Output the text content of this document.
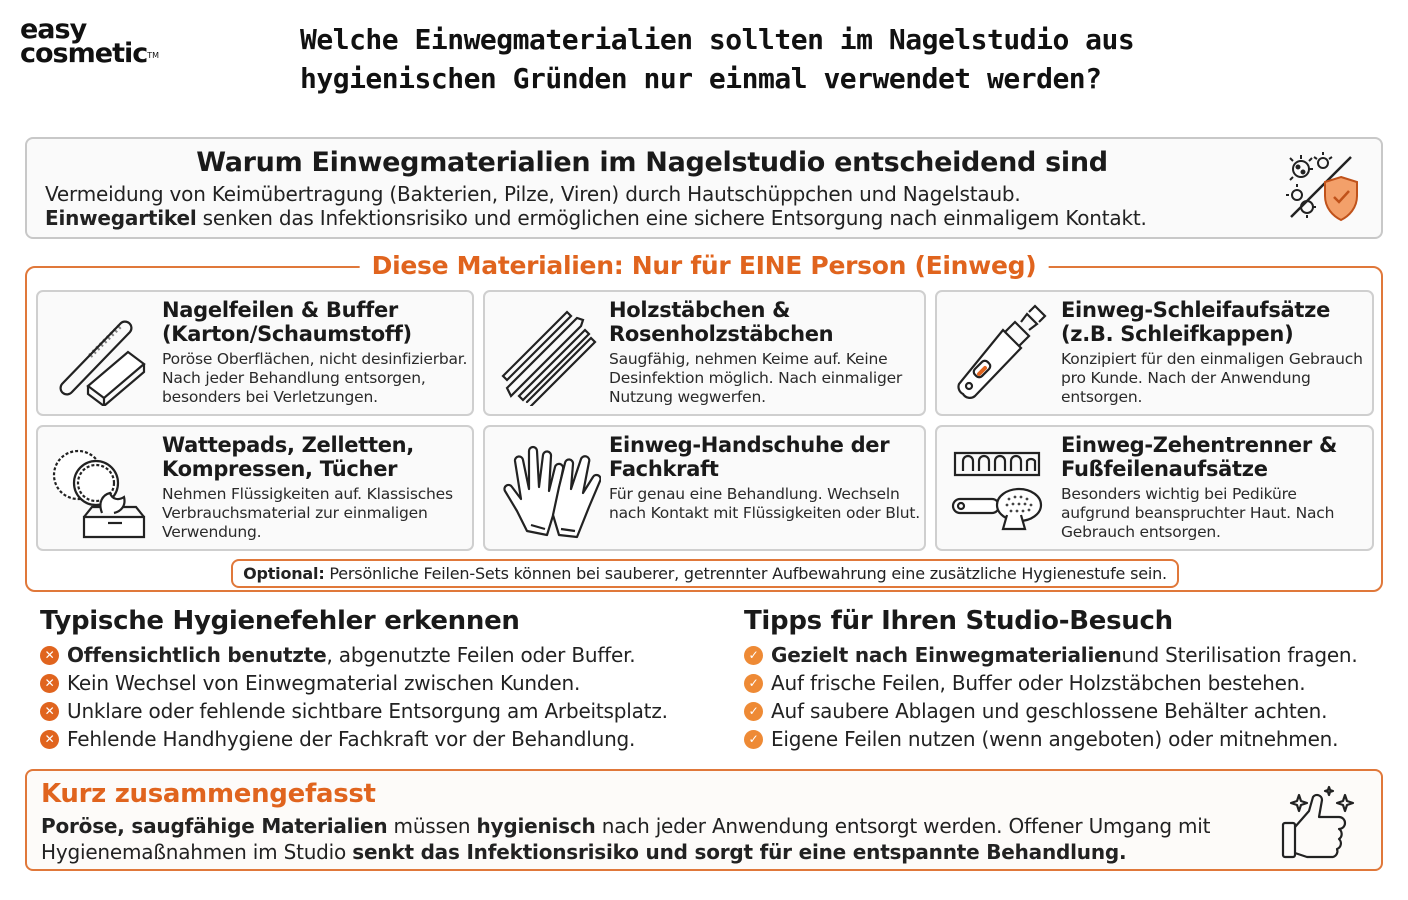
easy
cosmetic™	Welche Einwegmaterialien sollten im Nagelstudio aus hygienischen Gründen nur einmal verwendet werden?
Warum Einwegmaterialien im Nagelstudio entscheidend sind
Vermeidung von Keimübertragung (Bakterien, Pilze, Viren) durch Hautschüppchen und Nagelstaub.
Einwegartikel senken das Infektionsrisiko und ermöglichen eine sichere Entsorgung nach einmaligem Kontakt.
Diese Materialien: Nur für EINE Person (Einweg)
Nagelfeilen & Buffer (Karton/Schaumstoff)
Poröse Oberflächen, nicht desinfizierbar. Nach jeder Behandlung entsorgen, besonders bei Verletzungen.
Holzstäbchen & Rosenholzstäbchen
Saugfähig, nehmen Keime auf. Keine Desinfektion möglich. Nach einmaliger Nutzung wegwerfen.
Einweg-Schleifaufsätze (z.B. Schleifkappen)
Konzipiert für den einmaligen Gebrauch pro Kunde. Nach der Anwendung entsorgen.
Wattepads, Zelletten, Kompressen, Tücher
Nehmen Flüssigkeiten auf. Klassisches Verbrauchsmaterial zur einmaligen Verwendung.
Einweg-Handschuhe der Fachkraft
Für genau eine Behandlung. Wechseln nach Kontakt mit Flüssigkeiten oder Blut.
Einweg-Zehentrenner & Fußfeilenaufsätze
Besonders wichtig bei Pediküre aufgrund beanspruchter Haut. Nach Gebrauch entsorgen.
Optional: Persönliche Feilen-Sets können bei sauberer, getrennter Aufbewahrung eine zusätzliche Hygienestufe sein.
Typische Hygienefehler erkennen
✕ Offensichtlich benutzte , abgenutzte Feilen oder Buffer.
✕ Kein Wechsel von Einwegmaterial zwischen Kunden.
✕ Unklare oder fehlende sichtbare Entsorgung am Arbeitsplatz.
✕ Fehlende Handhygiene der Fachkraft vor der Behandlung.
Tipps für Ihren Studio-Besuch
✓ Gezielt nach Einwegmaterialien und Sterilisation fragen.
✓ Auf frische Feilen, Buffer oder Holzstäbchen bestehen.
✓ Auf saubere Ablagen und geschlossene Behälter achten.
✓ Eigene Feilen nutzen (wenn angeboten) oder mitnehmen.
Kurz zusammengefasst

Poröse, saugfähige Materialien müssen hygienisch nach jeder Anwendung entsorgt werden. Offener Umgang mit Hygienemaßnahmen im Studio senkt das Infektionsrisiko und sorgt für eine entspannte Behandlung.
